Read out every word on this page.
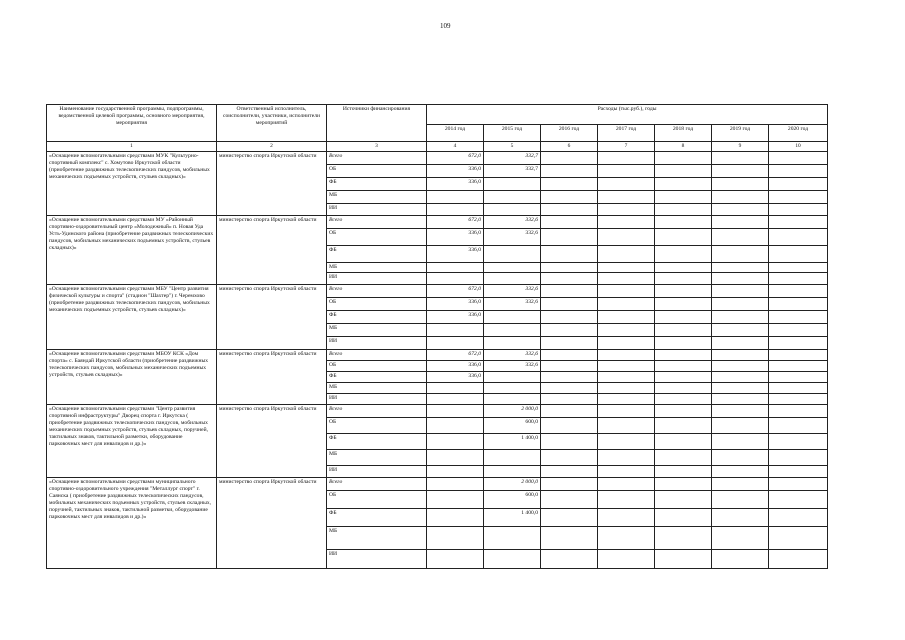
109
Наименование государственной программы, подпрограммы, ведомственной целевой программы, основного мероприятия, мероприятия	Ответственный исполнитель, соисполнители, участники, исполнители мероприятий	Источники финансирования	Расходы (тыс.руб.), годы						
			2014 год	2015 год	2016 год	2017 год	2018 год	2019 год	2020 год
1	2	3	4	5	6	7	8	9	10
«Оснащение вспомогательными средствами МУК "Культурно-спортивный комплекс" с. Хомутово Иркутской области (приобретение раздвижных телескопических пандусов, мобильных механических подъемных устройств, стульев складных)»	министерство спорта Иркутской области	Всего	672,0	332,7					
		ОБ	336,0	332,7					
		ФБ	336,0						
		МБ							
		ИИ							
«Оснащение вспомогательными средствами МУ «Районный спортивно-оздоровительный центр «Молодежный» п. Новая Уда Усть-Удинского района (приобретение раздвижных телескопических пандусов, мобильных механических подъемных устройств, стульев складных)»	министерство спорта Иркутской области	Всего	672,0	332,6					
		ОБ	336,0	332,6					
		ФБ	336,0						
		МБ							
		ИИ							
«Оснащение вспомогательными средствами МБУ "Центр развития физической культуры и спорта" (стадион "Шахтер") г. Черемхово (приобретение раздвижных телескопических пандусов, мобильных механических подъемных устройств, стульев складных)»	министерство спорта Иркутской области	Всего	672,0	332,6					
		ОБ	336,0	332,6					
		ФБ	336,0						
		МБ							
		ИИ							
«Оснащение вспомогательными средствами МБОУ КСК «Дом спорта» с. Баяндай Иркутской области (приобретение раздвижных телескопических пандусов, мобильных механических подъемных устройств, стульев складных)»	министерство спорта Иркутской области	Всего	672,0	332,6					
		ОБ	336,0	332,6					
		ФБ	336,0						
		МБ							
		ИИ							
«Оснащение вспомогательными средствами "Центр развития спортивной инфраструктуры" Дворец спорта г. Иркутска ( приобретение раздвижных телескопических пандусов, мобильных механических подъемных устройств, стульев складных, поручней, тактильных знаков, тактильной разметки, оборудование парковочных мест для инвалидов и др.)»	министерство спорта Иркутской области	Всего		2 000,0					
		ОБ		600,0					
		ФБ		1 400,0					
		МБ							
		ИИ							
«Оснащение вспомогательными средствами муниципального спортивно-оздоровительного учреждения "Металлург спорт" г. Саянска ( приобретение раздвижных телескопических пандусов, мобильных механических подъемных устройств, стульев складных, поручней, тактильных знаков, тактильной разметки, оборудование парковочных мест для инвалидов и др.)»	министерство спорта Иркутской области	Всего		2 000,0					
		ОБ		600,0					
		ФБ		1 400,0					
		МБ							
		ИИ							
